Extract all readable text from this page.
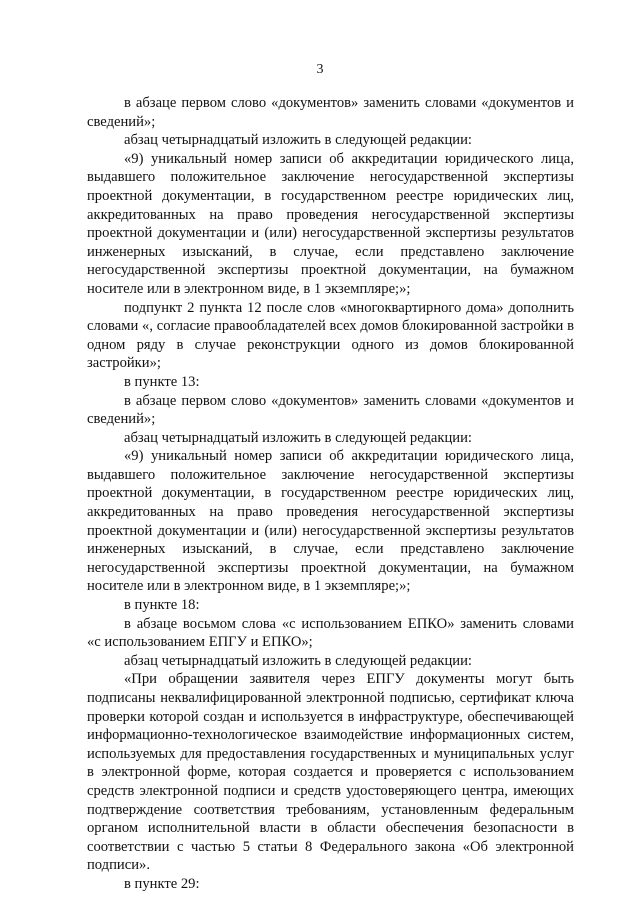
3

в абзаце первом слово «документов» заменить словами «документов и сведений»;

абзац четырнадцатый изложить в следующей редакции:

«9) уникальный номер записи об аккредитации юридического лица, выдавшего положительное заключение негосударственной экспертизы проектной документации, в государственном реестре юридических лиц, аккредитованных на право проведения негосударственной экспертизы проектной документации и (или) негосударственной экспертизы результатов инженерных изысканий, в случае, если представлено заключение негосударственной экспертизы проектной документации, на бумажном носителе или в электронном виде, в 1 экземпляре;»;

подпункт 2 пункта 12 после слов «многоквартирного дома» дополнить словами «, согласие правообладателей всех домов блокированной застройки в одном ряду в случае реконструкции одного из домов блокированной застройки»;

в пункте 13:

в абзаце первом слово «документов» заменить словами «документов и сведений»;

абзац четырнадцатый изложить в следующей редакции:

«9) уникальный номер записи об аккредитации юридического лица, выдавшего положительное заключение негосударственной экспертизы проектной документации, в государственном реестре юридических лиц, аккредитованных на право проведения негосударственной экспертизы проектной документации и (или) негосударственной экспертизы результатов инженерных изысканий, в случае, если представлено заключение негосударственной экспертизы проектной документации, на бумажном носителе или в электронном виде, в 1 экземпляре;»;

в пункте 18:

в абзаце восьмом слова «с использованием ЕПКО» заменить словами «с использованием ЕПГУ и ЕПКО»;

абзац четырнадцатый изложить в следующей редакции:

«При обращении заявителя через ЕПГУ документы могут быть подписаны неквалифицированной электронной подписью, сертификат ключа проверки которой создан и используется в инфраструктуре, обеспечивающей информационно-технологическое взаимодействие информационных систем, используемых для предоставления государственных и муниципальных услуг в электронной форме, которая создается и проверяется с использованием средств электронной подписи и средств удостоверяющего центра, имеющих подтверждение соответствия требованиям, установленным федеральным органом исполнительной власти в области обеспечения безопасности в соответствии с частью 5 статьи 8 Федерального закона «Об электронной подписи».

в пункте 29:
